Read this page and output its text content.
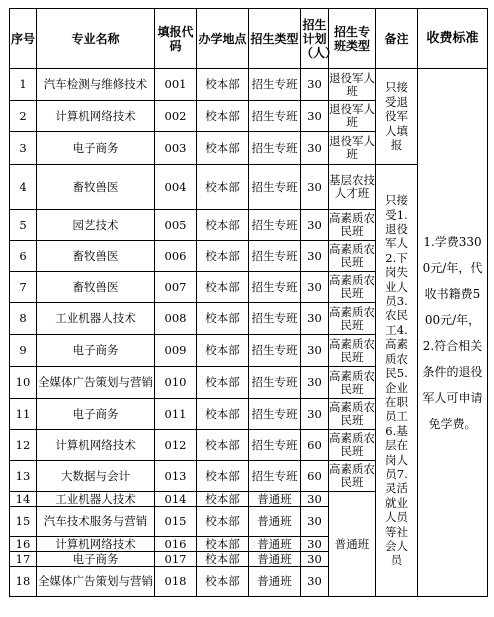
序号	专业名称	填报代码	办学地点	招生类型	招生计划（人）	招生专班类型	备注	收费标准
1	汽车检测与维修技术	001	校本部	招生专班	30	退役军人班	只接受退役军人填报	1.学费3300元/年，代收书籍费500元/年，2.符合相关条件的退役军人可申请免学费。
2	计算机网络技术	002	校本部	招生专班	30	退役军人班		
3	电子商务	003	校本部	招生专班	30	退役军人班		
4	畜牧兽医	004	校本部	招生专班	30	基层农技人才班	只接受1.退役军人2.下岗失业人员3.农民工4.高素质农民5.企业在职员工6.基层在岗人员7.灵活就业人员等社会人员	
5	园艺技术	005	校本部	招生专班	30	高素质农民班		
6	畜牧兽医	006	校本部	招生专班	30	高素质农民班		
7	畜牧兽医	007	校本部	招生专班	30	高素质农民班		
8	工业机器人技术	008	校本部	招生专班	30	高素质农民班		
9	电子商务	009	校本部	招生专班	30	高素质农民班		
10	全媒体广告策划与营销	010	校本部	招生专班	30	高素质农民班		
11	电子商务	011	校本部	招生专班	30	高素质农民班		
12	计算机网络技术	012	校本部	招生专班	60	高素质农民班		
13	大数据与会计	013	校本部	招生专班	60	高素质农民班		
14	工业机器人技术	014	校本部	普通班	30	普通班		
15	汽车技术服务与营销	015	校本部	普通班	30			
16	计算机网络技术	016	校本部	普通班	30			
17	电子商务	017	校本部	普通班	30			
18	全媒体广告策划与营销	018	校本部	普通班	30			
